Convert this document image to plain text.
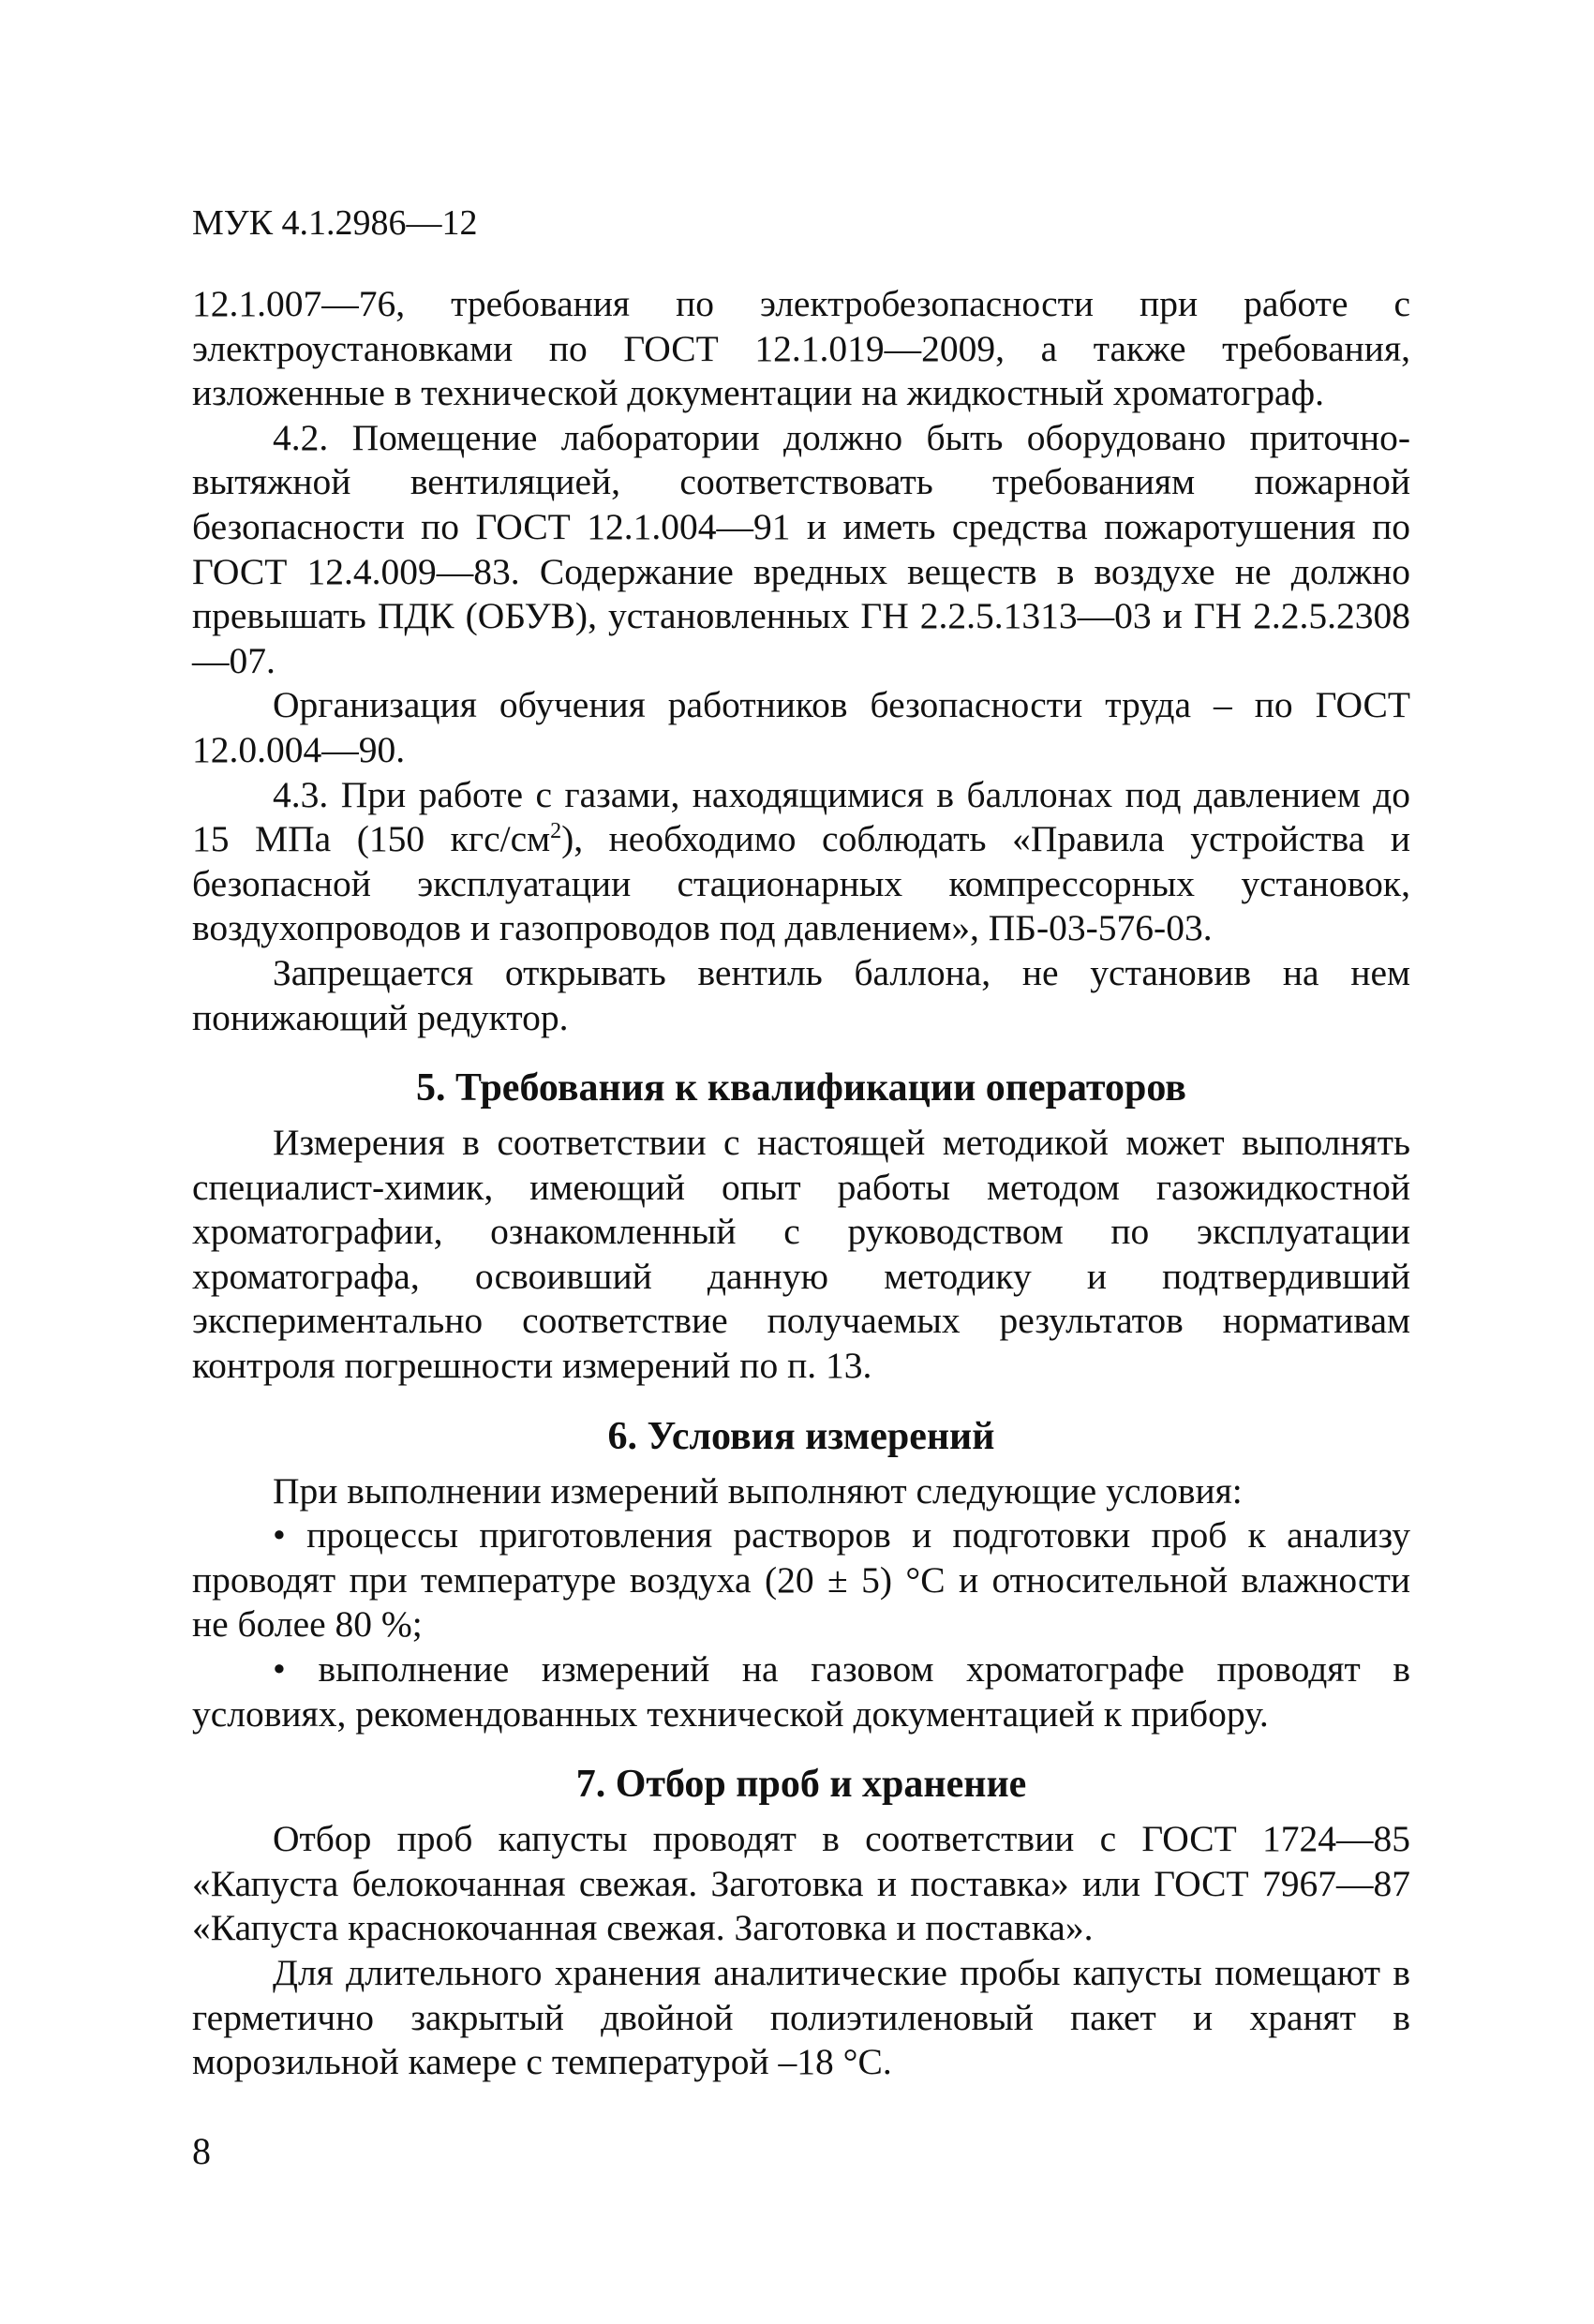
МУК 4.1.2986—12

12.1.007—76, требования по электробезопасности при работе с электроустановками по ГОСТ 12.1.019—2009, а также требования, изложенные в технической документации на жидкостный хроматограф.

4.2. Помещение лаборатории должно быть оборудовано приточно-вытяжной вентиляцией, соответствовать требованиям пожарной безопасности по ГОСТ 12.1.004—91 и иметь средства пожаротушения по ГОСТ 12.4.009—83. Содержание вредных веществ в воздухе не должно превышать ПДК (ОБУВ), установленных ГН 2.2.5.1313—03 и ГН 2.2.5.2308—07.

Организация обучения работников безопасности труда – по ГОСТ 12.0.004—90.

4.3. При работе с газами, находящимися в баллонах под давлением до 15 МПа (150 кгс/$см^2$), необходимо соблюдать «Правила устройства и безопасной эксплуатации стационарных компрессорных установок, воздухопроводов и газопроводов под давлением», ПБ-03-576-03.

Запрещается открывать вентиль баллона, не установив на нем понижающий редуктор.

5. Требования к квалификации операторов

Измерения в соответствии с настоящей методикой может выполнять специалист-химик, имеющий опыт работы методом газожидкостной хроматографии, ознакомленный с руководством по эксплуатации хроматографа, освоивший данную методику и подтвердивший экспериментально соответствие получаемых результатов нормативам контроля погрешности измерений по п. 13.

6. Условия измерений

При выполнении измерений выполняют следующие условия:

• процессы приготовления растворов и подготовки проб к анализу проводят при температуре воздуха (20 ± 5) °С и относительной влажности не более 80 %;

• выполнение измерений на газовом хроматографе проводят в условиях, рекомендованных технической документацией к прибору.

7. Отбор проб и хранение

Отбор проб капусты проводят в соответствии с ГОСТ 1724—85 «Капуста белокочанная свежая. Заготовка и поставка» или ГОСТ 7967—87 «Капуста краснокочанная свежая. Заготовка и поставка».

Для длительного хранения аналитические пробы капусты помещают в герметично закрытый двойной полиэтиленовый пакет и хранят в морозильной камере с температурой –18 °С.

8
